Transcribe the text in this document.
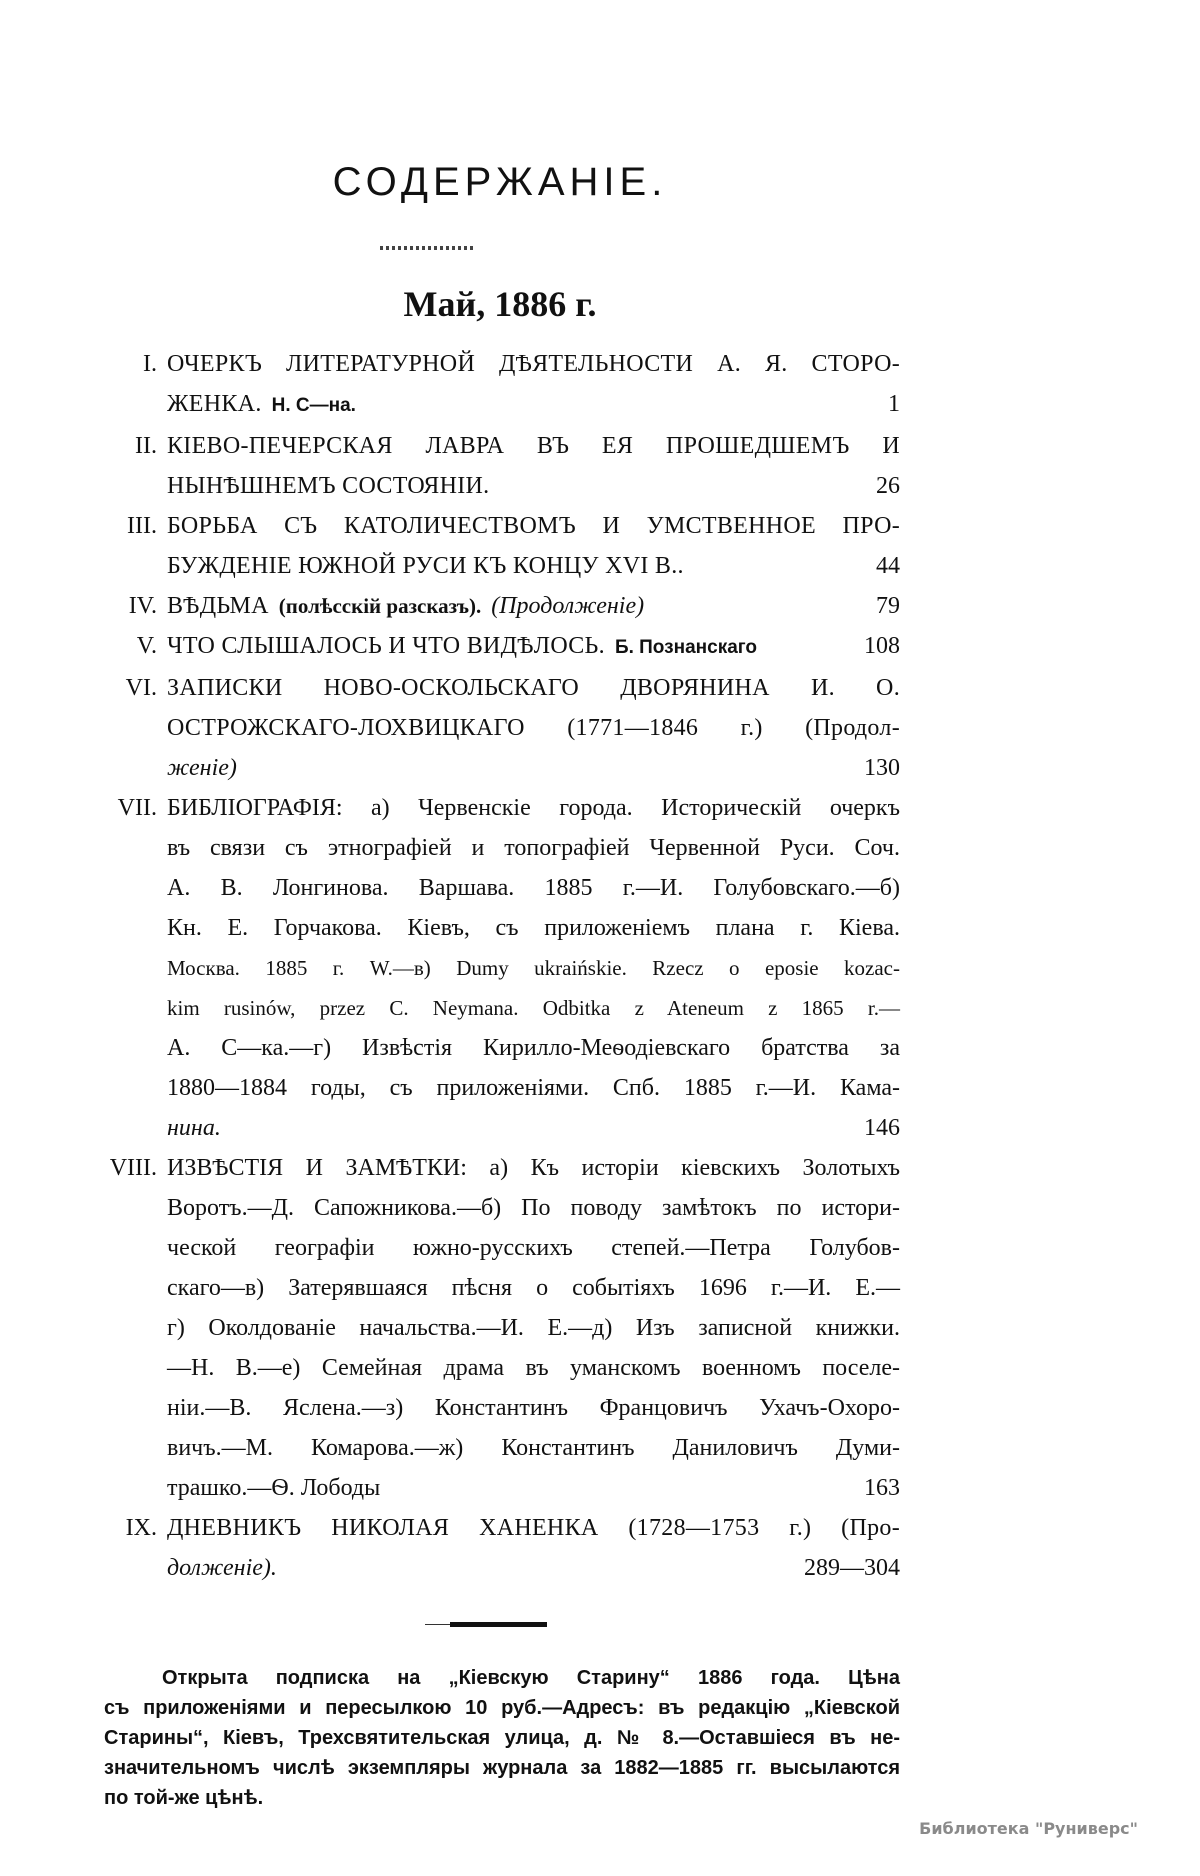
СОДЕРЖАНІЕ.
Май, 1886 г.
I. ОЧЕРКЪ ЛИТЕРАТУРНОЙ ДѢЯТЕЛЬНОСТИ А. Я. СТОРО-
ЖЕНКА. Н. С—на.	1
II. КІЕВО-ПЕЧЕРСКАЯ ЛАВРА ВЪ ЕЯ ПРОШЕДШЕМЪ И
НЫНѢШНЕМЪ СОСТОЯНІИ.	26
III. БОРЬБА СЪ КАТОЛИЧЕСТВОМЪ И УМСТВЕННОЕ ПРО-
БУЖДЕНІЕ ЮЖНОЙ РУСИ КЪ КОНЦУ XVI В..	44
IV. ВѢДЬМА (полѣсскій разсказъ). (Продолженіе)	79
V. ЧТО СЛЫШАЛОСЬ И ЧТО ВИДѢЛОСЬ. Б. Познанскаго	108
VI. ЗАПИСКИ НОВО-ОСКОЛЬСКАГО ДВОРЯНИНА И. О.
ОСТРОЖСКАГО-ЛОХВИЦКАГО (1771—1846 г.) (Продол-
женіе)	130
VII. БИБЛІОГРАФІЯ: а) Червенскіе города. Историческій очеркъ
въ связи съ этнографіей и топографіей Червенной Руси. Соч.
А. В. Лонгинова. Варшава. 1885 г.—И. Голубовскаго.—б)
Кн. Е. Горчакова. Кіевъ, съ приложеніемъ плана г. Кіева.
Москва. 1885 г. W.—в) Dumy ukraińskie. Rzecz o eposie kozac-
kim rusinów, przez C. Neymana. Odbitka z Ateneum z 1865 r.—
А. С—ка.—г) Извѣстія Кирилло-Меѳодіевскаго братства за
1880—1884 годы, съ приложеніями. Спб. 1885 г.—И. Кама-
нина.	146
VIII. ИЗВѢСТІЯ И ЗАМѢТКИ: а) Къ исторіи кіевскихъ Золотыхъ
Воротъ.—Д. Сапожникова.—б) По поводу замѣтокъ по истори-
ческой географіи южно-русскихъ степей.—Петра Голубов-
скаго—в) Затерявшаяся пѣсня о событіяхъ 1696 г.—И. Е.—
г) Околдованіе начальства.—И. Е.—д) Изъ записной книжки.
—Н. В.—е) Семейная драма въ уманскомъ военномъ поселе-
ніи.—В. Ясленa.—з) Константинъ Францовичъ Ухачъ-Охоро-
вичъ.—М. Комарова.—ж) Константинъ Даниловичъ Думи-
трашко.—Ѳ. Лободы	163
IX. ДНЕВНИКЪ НИКОЛАЯ ХАНЕНКА (1728—1753 г.) (Про-
долженіе).	289—304
Открыта подписка на „Кіевскую Старину“ 1886 года. Цѣна
съ приложеніями и пересылкою 10 руб.—Адресъ: въ редакцію „Кіевской
Старины“, Кіевъ, Трехсвятительская улица, д. № 8.—Оставшіеся въ не-
значительномъ числѣ экземпляры журнала за 1882—1885 гг. высылаются
по той-же цѣнѣ.
Библиотека "Руниверс"
